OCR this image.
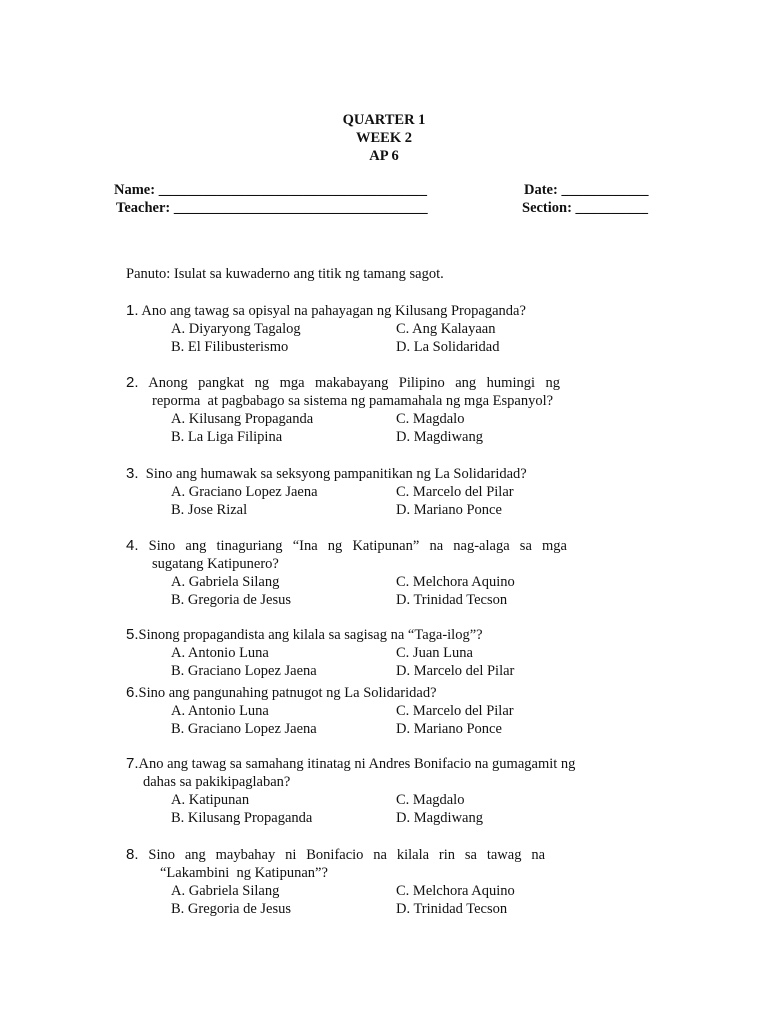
QUARTER 1
WEEK 2
AP 6
Name: _____________________________________	Date: ____________
Teacher: ___________________________________	Section: __________
Panuto: Isulat sa kuwaderno ang titik ng tamang sagot.
1. Ano ang tawag sa opisyal na pahayagan ng Kilusang Propaganda?
A. Diyaryong Tagalog	C. Ang Kalayaan
B. El Filibusterismo	D. La Solidaridad
2. Anong pangkat ng mga makabayang Pilipino ang humingi ng
reporma  at pagbabago sa sistema ng pamamahala ng mga Espanyol?
A. Kilusang Propaganda	C. Magdalo
B. La Liga Filipina	D. Magdiwang
3. Sino ang humawak sa seksyong pampanitikan ng La Solidaridad?
A. Graciano Lopez Jaena	C. Marcelo del Pilar
B. Jose Rizal	D. Mariano Ponce
4. Sino ang tinaguriang “Ina ng Katipunan” na nag-alaga sa mga
sugatang Katipunero?
A. Gabriela Silang	C. Melchora Aquino
B. Gregoria de Jesus	D. Trinidad Tecson
5.Sinong propagandista ang kilala sa sagisag na “Taga-ilog”?
A. Antonio Luna	C. Juan Luna
B. Graciano Lopez Jaena	D. Marcelo del Pilar
6.Sino ang pangunahing patnugot ng La Solidaridad?
A. Antonio Luna	C. Marcelo del Pilar
B. Graciano Lopez Jaena	D. Mariano Ponce
7.Ano ang tawag sa samahang itinatag ni Andres Bonifacio na gumagamit ng
dahas sa pakikipaglaban?
A. Katipunan	C. Magdalo
B. Kilusang Propaganda	D. Magdiwang
8. Sino ang maybahay ni Bonifacio na kilala rin sa tawag na
“Lakambini  ng Katipunan”?
A. Gabriela Silang	C. Melchora Aquino
B. Gregoria de Jesus	D. Trinidad Tecson
